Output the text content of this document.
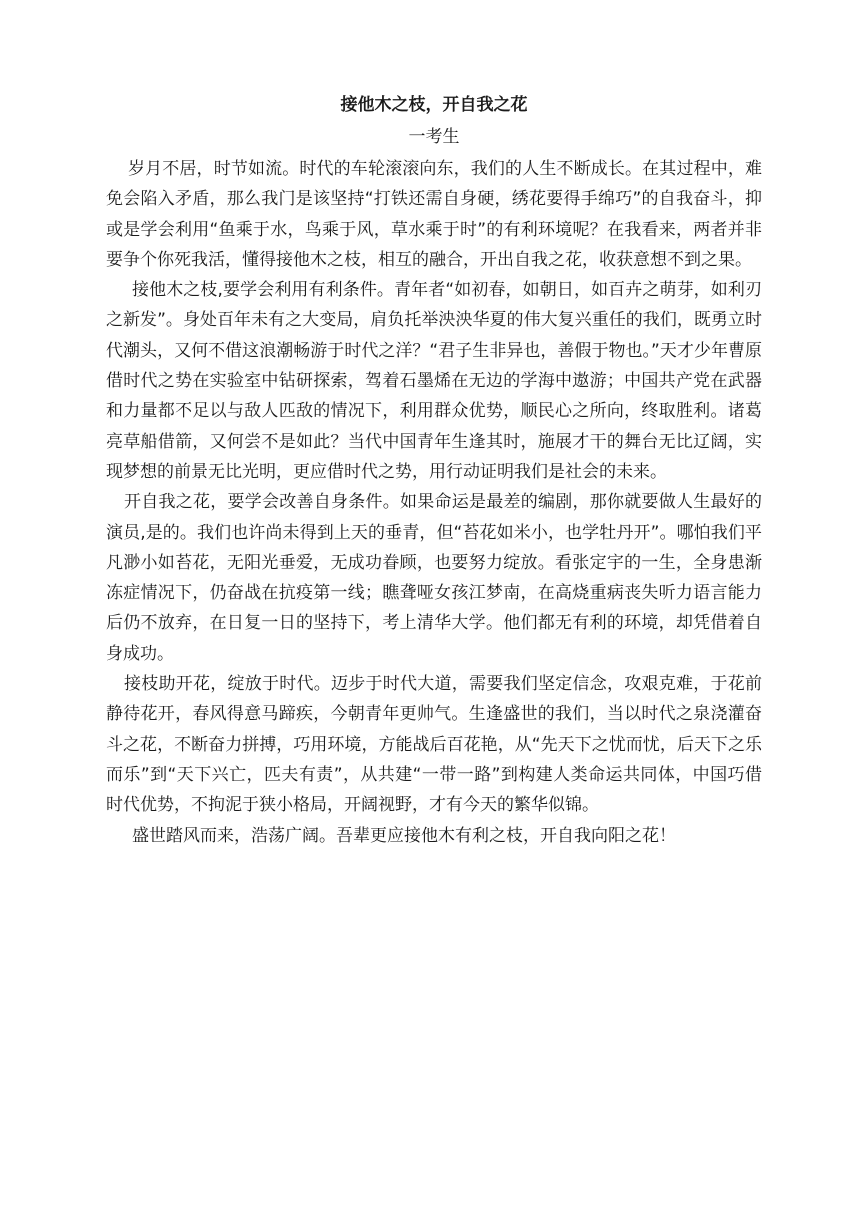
接他木之枝，开自我之花

一考生

岁月不居，时节如流。时代的车轮滚滚向东，我们的人生不断成长。在其过程中，难免会陷入矛盾，那么我门是该坚持“打铁还需自身硬，绣花要得手绵巧”的自我奋斗，抑或是学会利用“鱼乘于水，鸟乘于风，草水乘于时”的有利环境呢？在我看来，两者并非要争个你死我活，懂得接他木之枝，相互的融合，开出自我之花，收获意想不到之果。

接他木之枝,要学会利用有利条件。青年者“如初春，如朝日，如百卉之萌芽，如利刃之新发”。身处百年未有之大变局，肩负托举泱泱华夏的伟大复兴重任的我们，既勇立时代潮头，又何不借这浪潮畅游于时代之洋？“君子生非异也，善假于物也。”天才少年曹原借时代之势在实验室中钻研探索，驾着石墨烯在无边的学海中遨游；中国共产党在武器和力量都不足以与敌人匹敌的情况下，利用群众优势，顺民心之所向，终取胜利。诸葛亮草船借箭，又何尝不是如此？当代中国青年生逢其时，施展才干的舞台无比辽阔，实现梦想的前景无比光明，更应借时代之势，用行动证明我们是社会的未来。

开自我之花，要学会改善自身条件。如果命运是最差的编剧，那你就要做人生最好的演员,是的。我们也许尚未得到上天的垂青，但“苔花如米小，也学牡丹开”。哪怕我们平凡渺小如苔花，无阳光垂爱，无成功眷顾，也要努力绽放。看张定宇的一生，全身患渐冻症情况下，仍奋战在抗疫第一线；瞧聋哑女孩江梦南，在高烧重病丧失听力语言能力后仍不放弃，在日复一日的坚持下，考上清华大学。他们都无有利的环境，却凭借着自身成功。

接枝助开花，绽放于时代。迈步于时代大道，需要我们坚定信念，攻艰克难，于花前静待花开，春风得意马蹄疾，今朝青年更帅气。生逢盛世的我们，当以时代之泉浇灌奋斗之花，不断奋力拼搏，巧用环境，方能战后百花艳，从“先天下之忧而忧，后天下之乐而乐”到“天下兴亡，匹夫有责”，从共建“一带一路”到构建人类命运共同体，中国巧借时代优势，不拘泥于狭小格局，开阔视野，才有今天的繁华似锦。

盛世踏风而来，浩荡广阔。吾辈更应接他木有利之枝，开自我向阳之花！
